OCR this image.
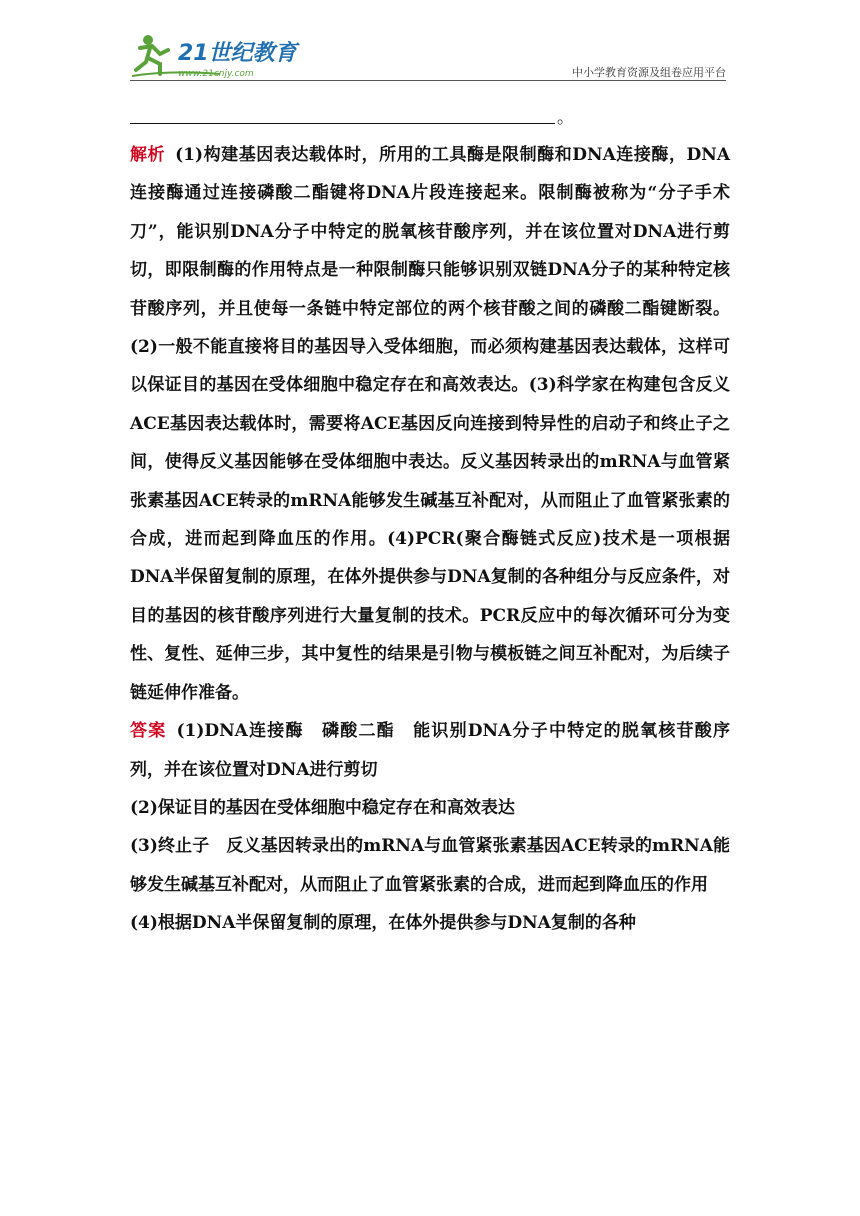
21世纪教育
www.21cnjy.com	中小学教育资源及组卷应用平台
。

解析 (1)构建基因表达载体时，所用的工具酶是限制酶和DNA连接酶，DNA连接酶通过连接磷酸二酯键将DNA片段连接起来。限制酶被称为“分子手术刀”，能识别DNA分子中特定的脱氧核苷酸序列，并在该位置对DNA进行剪切，即限制酶的作用特点是一种限制酶只能够识别双链DNA分子的某种特定核苷酸序列，并且使每一条链中特定部位的两个核苷酸之间的磷酸二酯键断裂。(2)一般不能直接将目的基因导入受体细胞，而必须构建基因表达载体，这样可以保证目的基因在受体细胞中稳定存在和高效表达。(3)科学家在构建包含反义ACE基因表达载体时，需要将ACE基因反向连接到特异性的启动子和终止子之间，使得反义基因能够在受体细胞中表达。反义基因转录出的mRNA与血管紧张素基因ACE转录的mRNA能够发生碱基互补配对，从而阻止了血管紧张素的合成，进而起到降血压的作用。(4)PCR(聚合酶链式反应)技术是一项根据DNA半保留复制的原理，在体外提供参与DNA复制的各种组分与反应条件，对目的基因的核苷酸序列进行大量复制的技术。PCR反应中的每次循环可分为变性、复性、延伸三步，其中复性的结果是引物与模板链之间互补配对，为后续子链延伸作准备。

答案 (1)DNA连接酶　磷酸二酯　能识别DNA分子中特定的脱氧核苷酸序列，并在该位置对DNA进行剪切

(2)保证目的基因在受体细胞中稳定存在和高效表达

(3)终止子　反义基因转录出的mRNA与血管紧张素基因ACE转录的mRNA能够发生碱基互补配对，从而阻止了血管紧张素的合成，进而起到降血压的作用

(4)根据DNA半保留复制的原理，在体外提供参与DNA复制的各种
